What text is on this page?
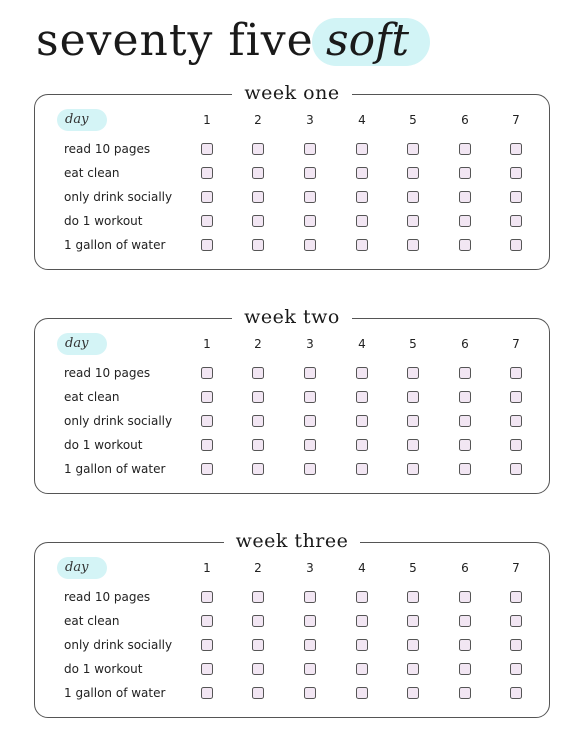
seventy five soft
week one
day	1	2	3	4	5	6	7
read 10 pages
eat clean
only drink socially
do 1 workout
1 gallon of water
week two
day	1	2	3	4	5	6	7
read 10 pages
eat clean
only drink socially
do 1 workout
1 gallon of water
week three
day	1	2	3	4	5	6	7
read 10 pages
eat clean
only drink socially
do 1 workout
1 gallon of water
